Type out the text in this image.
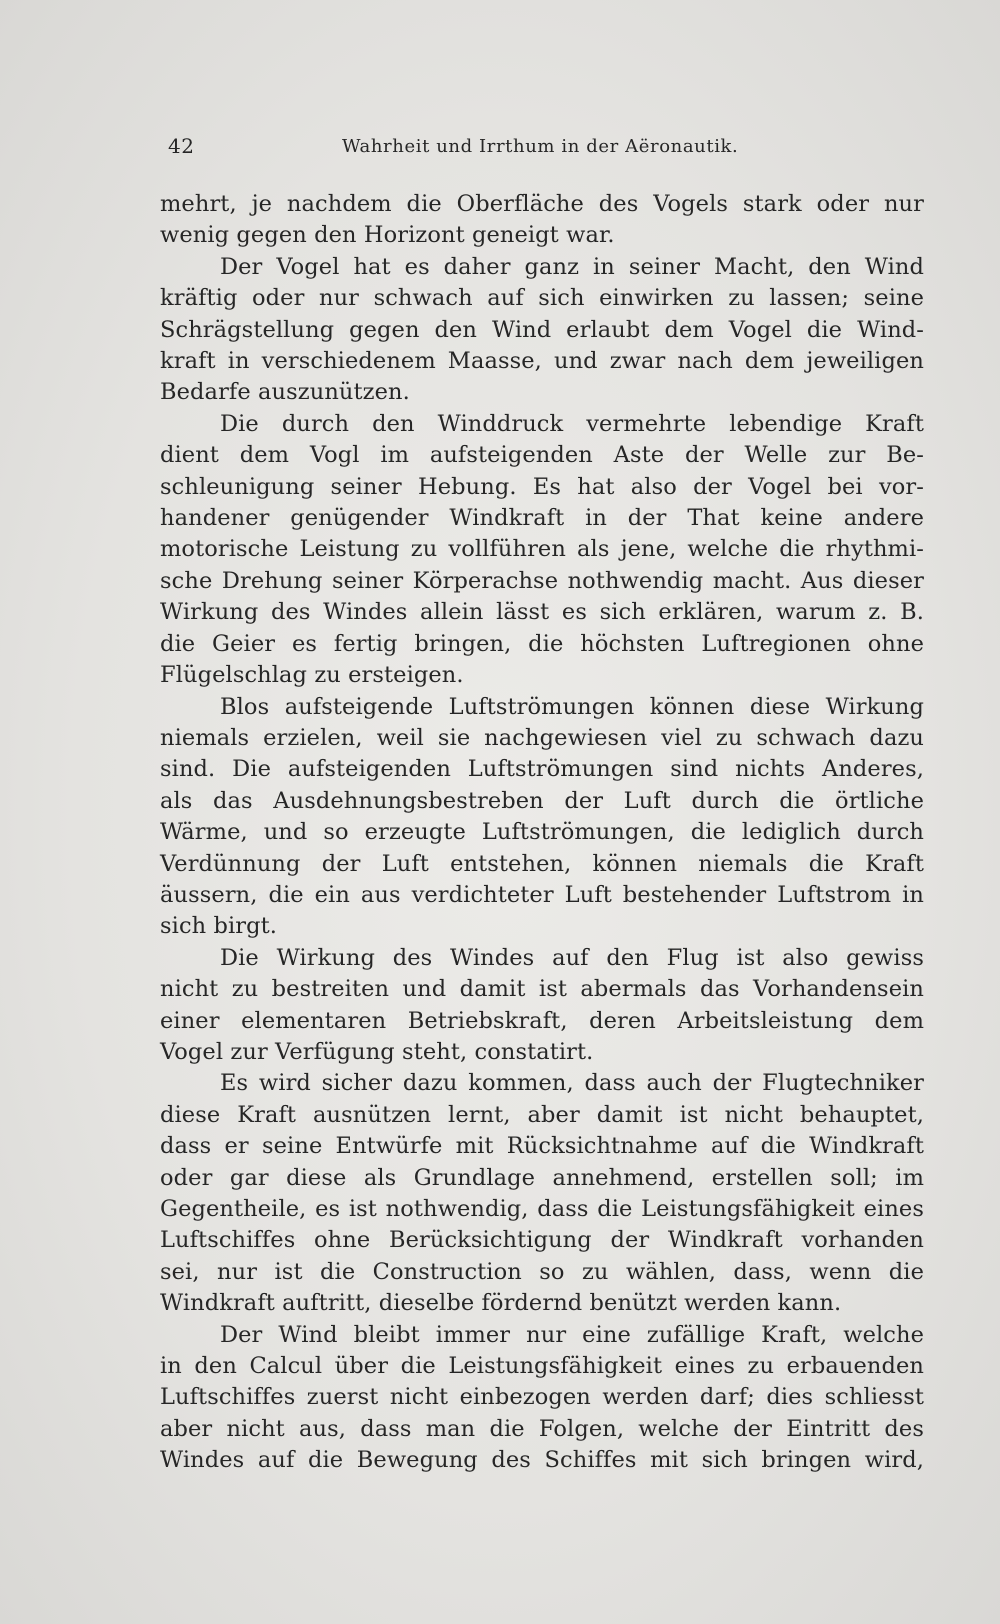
42	Wahrheit und Irrthum in der Aëronautik.
mehrt, je nachdem die Oberfläche des Vogels stark oder nur
wenig gegen den Horizont geneigt war.
Der Vogel hat es daher ganz in seiner Macht, den Wind
kräftig oder nur schwach auf sich einwirken zu lassen; seine
Schrägstellung gegen den Wind erlaubt dem Vogel die Wind-
kraft in verschiedenem Maasse, und zwar nach dem jeweiligen
Bedarfe auszunützen.
Die durch den Winddruck vermehrte lebendige Kraft
dient dem Vogl im aufsteigenden Aste der Welle zur Be-
schleunigung seiner Hebung. Es hat also der Vogel bei vor-
handener genügender Windkraft in der That keine andere
motorische Leistung zu vollführen als jene, welche die rhythmi-
sche Drehung seiner Körperachse nothwendig macht. Aus dieser
Wirkung des Windes allein lässt es sich erklären, warum z. B.
die Geier es fertig bringen, die höchsten Luftregionen ohne
Flügelschlag zu ersteigen.
Blos aufsteigende Luftströmungen können diese Wirkung
niemals erzielen, weil sie nachgewiesen viel zu schwach dazu
sind. Die aufsteigenden Luftströmungen sind nichts Anderes,
als das Ausdehnungsbestreben der Luft durch die örtliche
Wärme, und so erzeugte Luftströmungen, die lediglich durch
Verdünnung der Luft entstehen, können niemals die Kraft
äussern, die ein aus verdichteter Luft bestehender Luftstrom in
sich birgt.
Die Wirkung des Windes auf den Flug ist also gewiss
nicht zu bestreiten und damit ist abermals das Vorhandensein
einer elementaren Betriebskraft, deren Arbeitsleistung dem
Vogel zur Verfügung steht, constatirt.
Es wird sicher dazu kommen, dass auch der Flugtechniker
diese Kraft ausnützen lernt, aber damit ist nicht behauptet,
dass er seine Entwürfe mit Rücksichtnahme auf die Windkraft
oder gar diese als Grundlage annehmend, erstellen soll; im
Gegentheile, es ist nothwendig, dass die Leistungsfähigkeit eines
Luftschiffes ohne Berücksichtigung der Windkraft vorhanden
sei, nur ist die Construction so zu wählen, dass, wenn die
Windkraft auftritt, dieselbe fördernd benützt werden kann.
Der Wind bleibt immer nur eine zufällige Kraft, welche
in den Calcul über die Leistungsfähigkeit eines zu erbauenden
Luftschiffes zuerst nicht einbezogen werden darf; dies schliesst
aber nicht aus, dass man die Folgen, welche der Eintritt des
Windes auf die Bewegung des Schiffes mit sich bringen wird,
